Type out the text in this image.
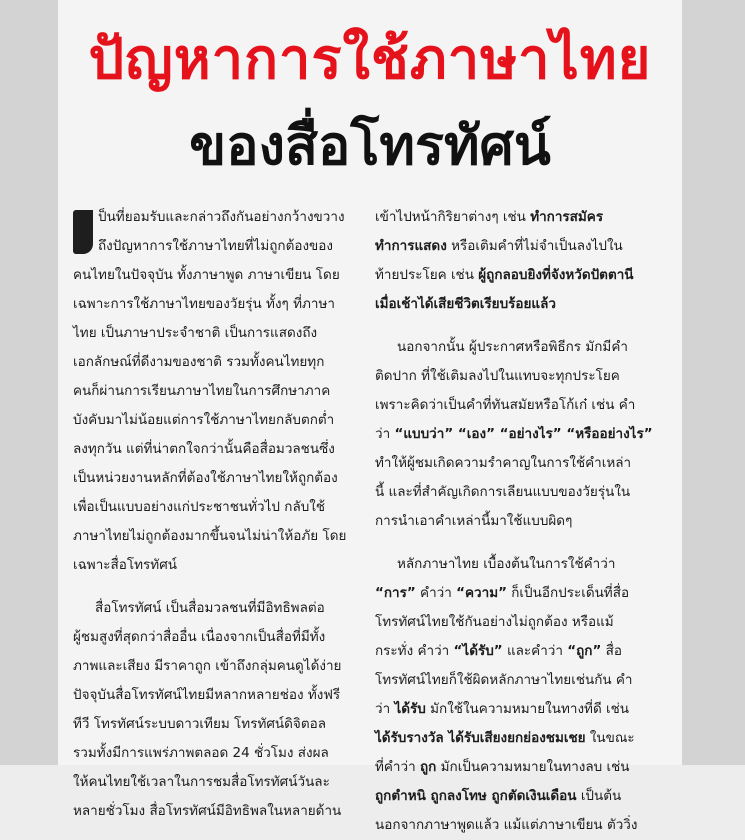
ปัญหาการใช้ภาษาไทย
ของสื่อโทรทัศน์

ป็นที่ยอมรับและกล่าวถึงกันอย่างกว้างขวาง
ถึงปัญหาการใช้ภาษาไทยที่ไม่ถูกต้องของ
คนไทยในปัจจุบัน ทั้งภาษาพูด ภาษาเขียน โดย
เฉพาะการใช้ภาษาไทยของวัยรุ่น ทั้งๆ ที่ภาษา
ไทย เป็นภาษาประจำชาติ เป็นการแสดงถึง
เอกลักษณ์ที่ดีงามของชาติ รวมทั้งคนไทยทุก
คนก็ผ่านการเรียนภาษาไทยในการศึกษาภาค
บังคับมาไม่น้อยแต่การใช้ภาษาไทยกลับตกต่ำ
ลงทุกวัน แต่ที่น่าตกใจกว่านั้นคือสื่อมวลชนซึ่ง
เป็นหน่วยงานหลักที่ต้องใช้ภาษาไทยให้ถูกต้อง
เพื่อเป็นแบบอย่างแก่ประชาชนทั่วไป กลับใช้
ภาษาไทยไม่ถูกต้องมากขึ้นจนไม่น่าให้อภัย โดย
เฉพาะสื่อโทรทัศน์

สื่อโทรทัศน์ เป็นสื่อมวลชนที่มีอิทธิพลต่อ
ผู้ชมสูงที่สุดกว่าสื่ออื่น เนื่องจากเป็นสื่อที่มีทั้ง
ภาพและเสียง มีราคาถูก เข้าถึงกลุ่มคนดูได้ง่าย
ปัจจุบันสื่อโทรทัศน์ไทยมีหลากหลายช่อง ทั้งฟรี
ทีวี โทรทัศน์ระบบดาวเทียม โทรทัศน์ดิจิตอล
รวมทั้งมีการแพร่ภาพตลอด 24 ชั่วโมง ส่งผล
ให้คนไทยใช้เวลาในการชมสื่อโทรทัศน์วันละ
หลายชั่วโมง สื่อโทรทัศน์มีอิทธิพลในหลายด้าน

เข้าไปหน้ากิริยาต่างๆ เช่น ทำการสมัคร
ทำการแสดง หรือเติมคำที่ไม่จำเป็นลงไปใน
ท้ายประโยค เช่น ผู้ถูกลอบยิงที่จังหวัดปัตตานี
เมื่อเช้าได้เสียชีวิตเรียบร้อยแล้ว

นอกจากนั้น ผู้ประกาศหรือพิธีกร มักมีคำ
ติดปาก ที่ใช้เติมลงไปในแทบจะทุกประโยค
เพราะคิดว่าเป็นคำที่ทันสมัยหรือโก้เก๋ เช่น คำ
ว่า “แบบว่า” “เอง” “อย่างไร” “หรืออย่างไร”
ทำให้ผู้ชมเกิดความรำคาญในการใช้คำเหล่า
นี้ และที่สำคัญเกิดการเลียนแบบของวัยรุ่นใน
การนำเอาคำเหล่านี้มาใช้แบบผิดๆ

หลักภาษาไทย เบื้องต้นในการใช้คำว่า
“การ” คำว่า “ความ” ก็เป็นอีกประเด็นที่สื่อ
โทรทัศน์ไทยใช้กันอย่างไม่ถูกต้อง หรือแม้
กระทั่ง คำว่า “ได้รับ” และคำว่า “ถูก” สื่อ
โทรทัศน์ไทยก็ใช้ผิดหลักภาษาไทยเช่นกัน คำ
ว่า ได้รับ มักใช้ในความหมายในทางที่ดี เช่น
ได้รับรางวัล ได้รับเสียงยกย่องชมเชย ในขณะ
ที่คำว่า ถูก มักเป็นความหมายในทางลบ เช่น
ถูกตำหนิ ถูกลงโทษ ถูกตัดเงินเดือน เป็นต้น
นอกจากภาษาพูดแล้ว แม้แต่ภาษาเขียน ตัววิ่ง
